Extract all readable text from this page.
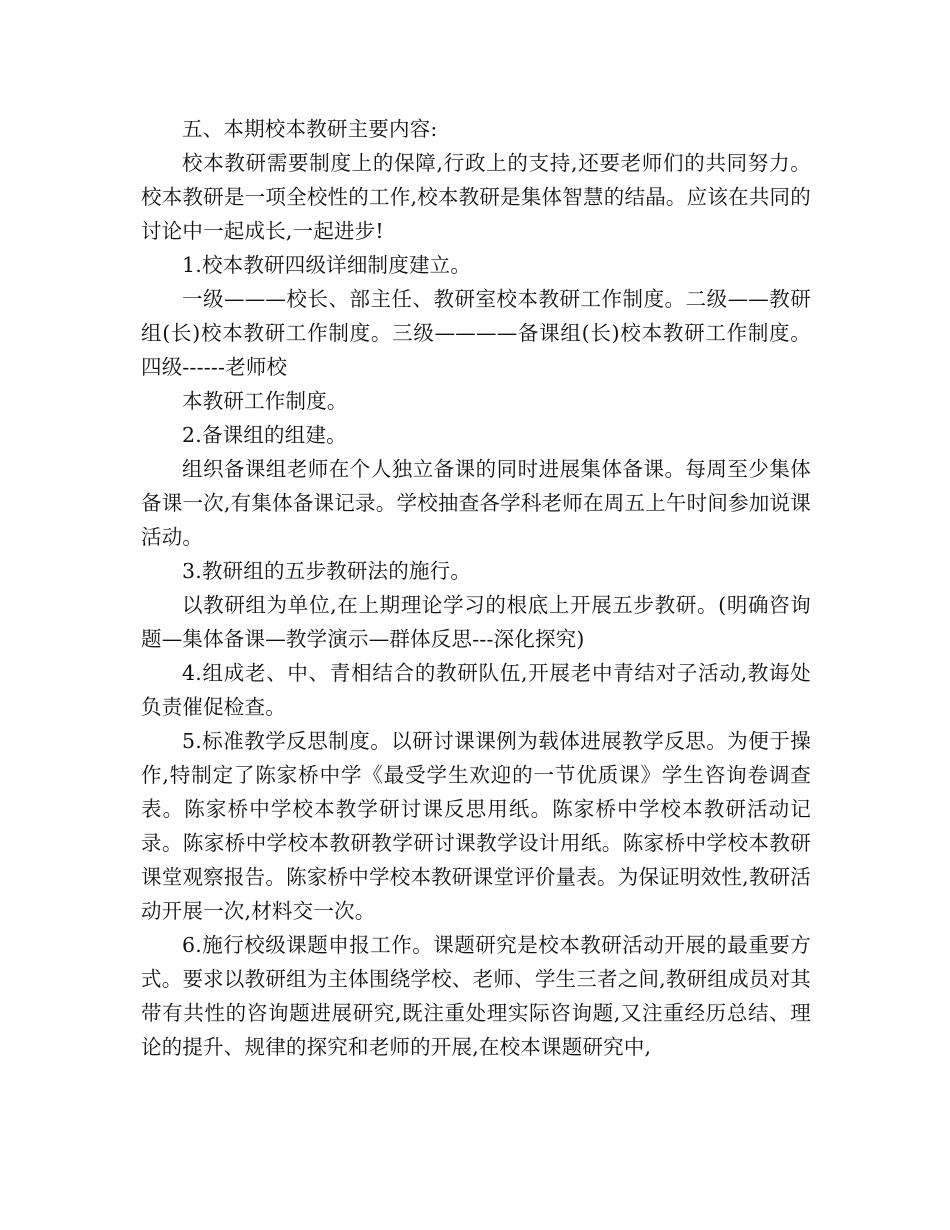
五、本期校本教研主要内容:

校本教研需要制度上的保障,行政上的支持,还要老师们的共同努力。校本教研是一项全校性的工作,校本教研是集体智慧的结晶。应该在共同的讨论中一起成长,一起进步!

1.校本教研四级详细制度建立。

一级———校长、部主任、教研室校本教研工作制度。二级——教研组(长)校本教研工作制度。三级————备课组(长)校本教研工作制度。四级------老师校

本教研工作制度。

2.备课组的组建。

组织备课组老师在个人独立备课的同时进展集体备课。每周至少集体备课一次,有集体备课记录。学校抽查各学科老师在周五上午时间参加说课活动。

3.教研组的五步教研法的施行。

以教研组为单位,在上期理论学习的根底上开展五步教研。(明确咨询题—集体备课—教学演示—群体反思---深化探究)

4.组成老、中、青相结合的教研队伍,开展老中青结对子活动,教诲处负责催促检查。

5.标准教学反思制度。以研讨课课例为载体进展教学反思。为便于操作,特制定了陈家桥中学《最受学生欢迎的一节优质课》学生咨询卷调查表。陈家桥中学校本教学研讨课反思用纸。陈家桥中学校本教研活动记录。陈家桥中学校本教研教学研讨课教学设计用纸。陈家桥中学校本教研课堂观察报告。陈家桥中学校本教研课堂评价量表。为保证明效性,教研活动开展一次,材料交一次。

6.施行校级课题申报工作。课题研究是校本教研活动开展的最重要方式。要求以教研组为主体围绕学校、老师、学生三者之间,教研组成员对其带有共性的咨询题进展研究,既注重处理实际咨询题,又注重经历总结、理论的提升、规律的探究和老师的开展,在校本课题研究中,
